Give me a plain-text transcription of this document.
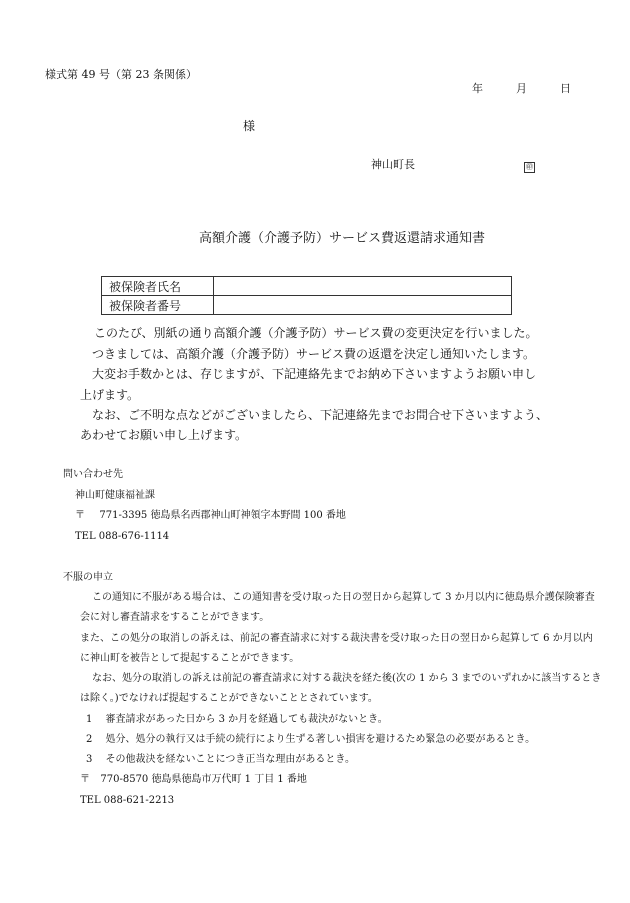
様式第 49 号（第 23 条関係）
年	月	日
様
神山町長	㊞
高額介護（介護予防）サービス費返還請求通知書
被保険者氏名	
被保険者番号	
このたび、別紙の通り高額介護（介護予防）サービス費の変更決定を行いました。
つきましては、高額介護（介護予防）サービス費の返還を決定し通知いたします。
大変お手数かとは、存じますが、下記連絡先までお納め下さいますようお願い申し
上げます。
なお、ご不明な点などがございましたら、下記連絡先までお問合せ下さいますよう、
あわせてお願い申し上げます。
問い合わせ先
神山町健康福祉課
〒 771-3395 徳島県名西郡神山町神領字本野間 100 番地
TEL 088-676-1114
不服の申立
この通知に不服がある場合は、この通知書を受け取った日の翌日から起算して 3 か月以内に徳島県介護保険審査
会に対し審査請求をすることができます。
また、この処分の取消しの訴えは、前記の審査請求に対する裁決書を受け取った日の翌日から起算して 6 か月以内
に神山町を被告として提起することができます。
なお、処分の取消しの訴えは前記の審査請求に対する裁決を経た後(次の 1 から 3 までのいずれかに該当するとき
は除く。)でなければ提起することができないこととされています。
1　 審査請求があった日から 3 か月を経過しても裁決がないとき。
2　 処分、処分の執行又は手続の続行により生ずる著しい損害を避けるため緊急の必要があるとき。
3　 その他裁決を経ないことにつき正当な理由があるとき。
〒 770-8570 徳島県徳島市万代町 1 丁目 1 番地
TEL 088-621-2213
